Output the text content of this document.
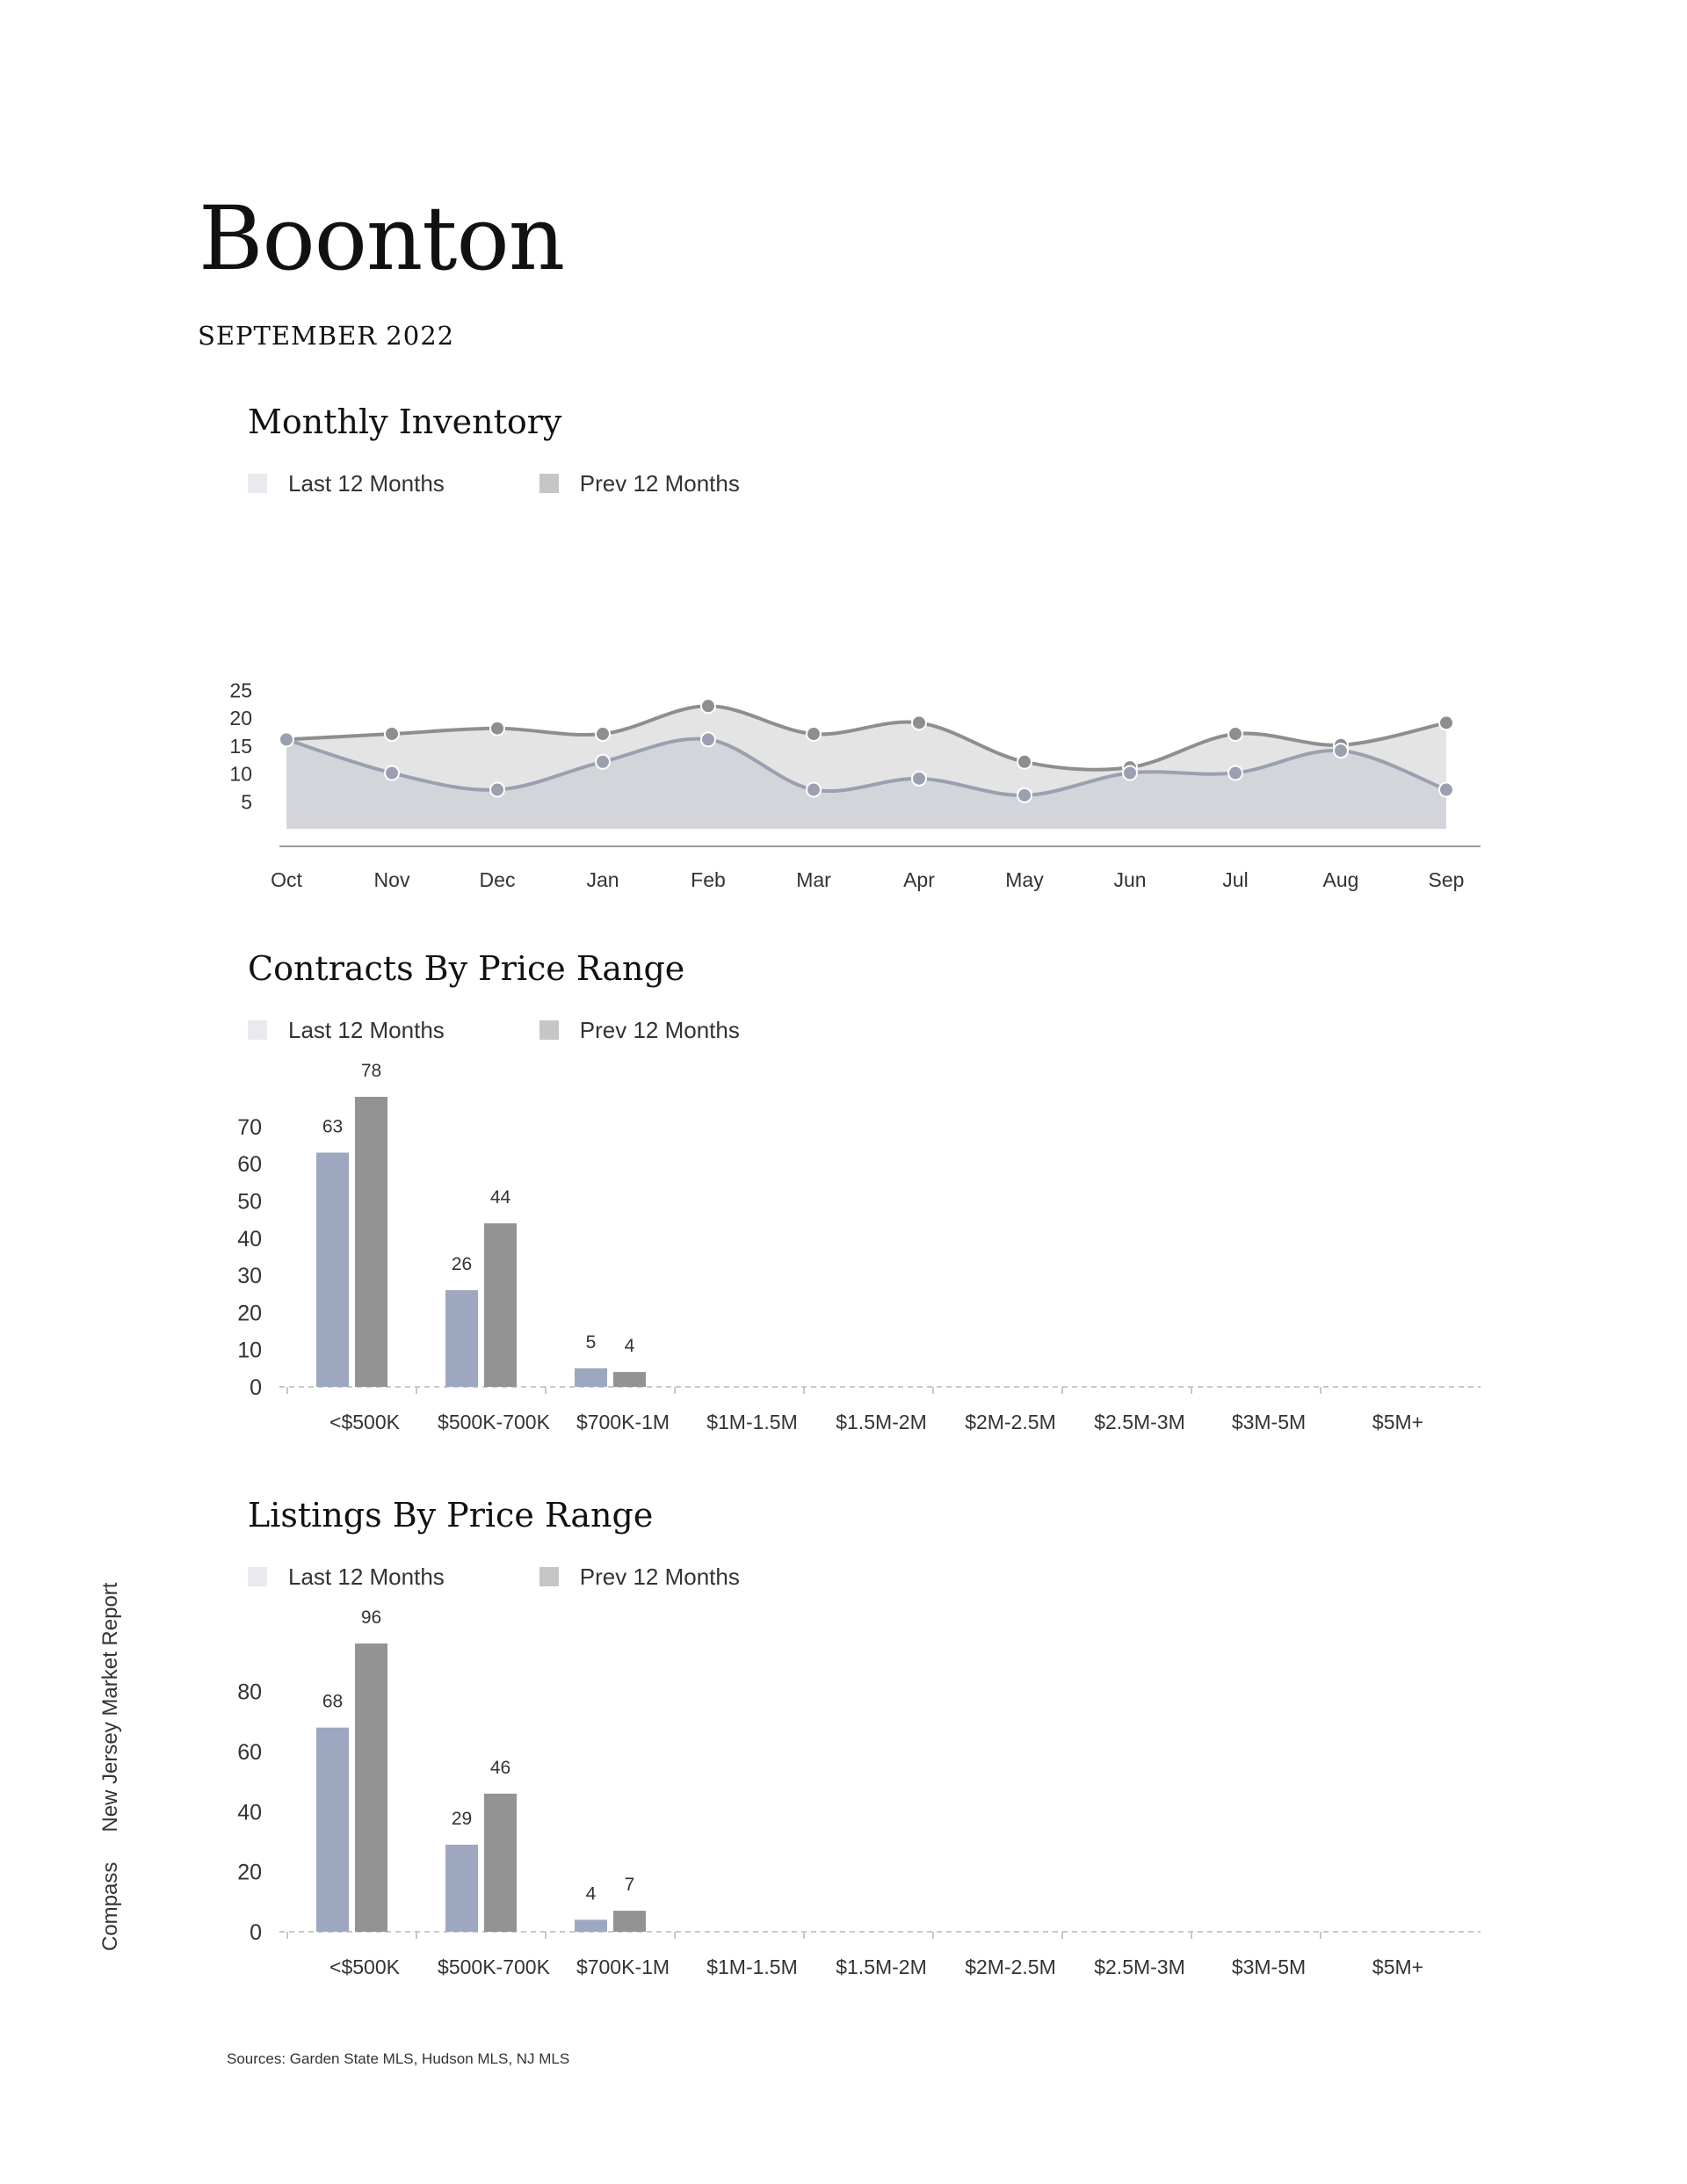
Boonton
SEPTEMBER 2022
Monthly Inventory
Last 12 Months	Prev 12 Months
5
10
15
20
25
Oct	Nov	Dec	Jan	Feb	Mar	Apr	May	Jun	Jul	Aug	Sep
Contracts By Price Range
Last 12 Months	Prev 12 Months
0
10
20
30
40
50
60
70
<$500K
63
78
$500K-700K
26
44
$700K-1M
5 4
$1M-1.5M $1.5M-2M $2M-2.5M $2.5M-3M $3M-5M	$5M+
Listings By Price Range
Last 12 Months	Prev 12 Months
0
20
40
60
80
<$500K
68
96
$500K-700K
29
46
$700K-1M
4 7
$1M-1.5M $1.5M-2M $2M-2.5M $2.5M-3M $3M-5M	$5M+
CompassNew Jersey Market Report
Sources: Garden State MLS, Hudson MLS, NJ MLS
